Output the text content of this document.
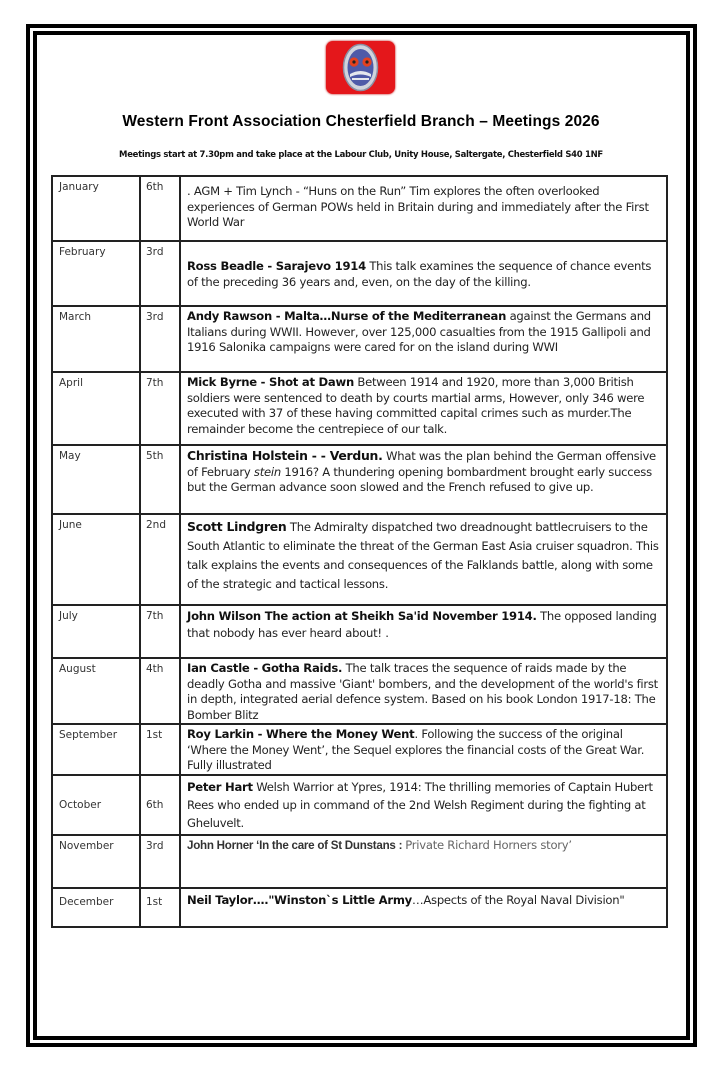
Western Front Association Chesterfield Branch – Meetings 2026
Meetings start at 7.30pm and take place at the Labour Club, Unity House, Saltergate, Chesterfield S40 1NF
January	6th	. AGM + Tim Lynch - “Huns on the Run” Tim explores the often overlooked experiences of German POWs held in Britain during and immediately after the First World War
February	3rd	Ross Beadle - Sarajevo 1914 This talk examines the sequence of chance events of the preceding 36 years and, even, on the day of the killing.
March	3rd	Andy Rawson - Malta…Nurse of the Mediterranean against the Germans and Italians during WWII. However, over 125,000 casualties from the 1915 Gallipoli and 1916 Salonika campaigns were cared for on the island during WWI
April	7th	Mick Byrne - Shot at Dawn Between 1914 and 1920, more than 3,000 British soldiers were sentenced to death by courts martial arms, However, only 346 were executed with 37 of these having committed capital crimes such as murder.The remainder become the centrepiece of our talk.
May	5th	Christina Holstein - - Verdun. What was the plan behind the German offensive of February stein 1916? A thundering opening bombardment brought early success but the German advance soon slowed and the French refused to give up.
June	2nd	Scott Lindgren The Admiralty dispatched two dreadnought battlecruisers to the South Atlantic to eliminate the threat of the German East Asia cruiser squadron. This talk explains the events and consequences of the Falklands battle, along with some of the strategic and tactical lessons.
July	7th	John Wilson The action at Sheikh Sa'id November 1914. The opposed landing that nobody has ever heard about! .
August	4th	Ian Castle - Gotha Raids. The talk traces the sequence of raids made by the deadly Gotha and massive 'Giant' bombers, and the development of the world's first in depth, integrated aerial defence system. Based on his book London 1917-18: The Bomber Blitz
September	1st	Roy Larkin - Where the Money Went. Following the success of the original ‘Where the Money Went’, the Sequel explores the financial costs of the Great War. Fully illustrated
October	6th	Peter Hart Welsh Warrior at Ypres, 1914: The thrilling memories of Captain Hubert Rees who ended up in command of the 2nd Welsh Regiment during the fighting at Gheluvelt.
November	3rd	John Horner ‘In the care of St Dunstans : Private Richard Horners story’
December	1st	Neil Taylor…."Winston`s Little Army…Aspects of the Royal Naval Division"
